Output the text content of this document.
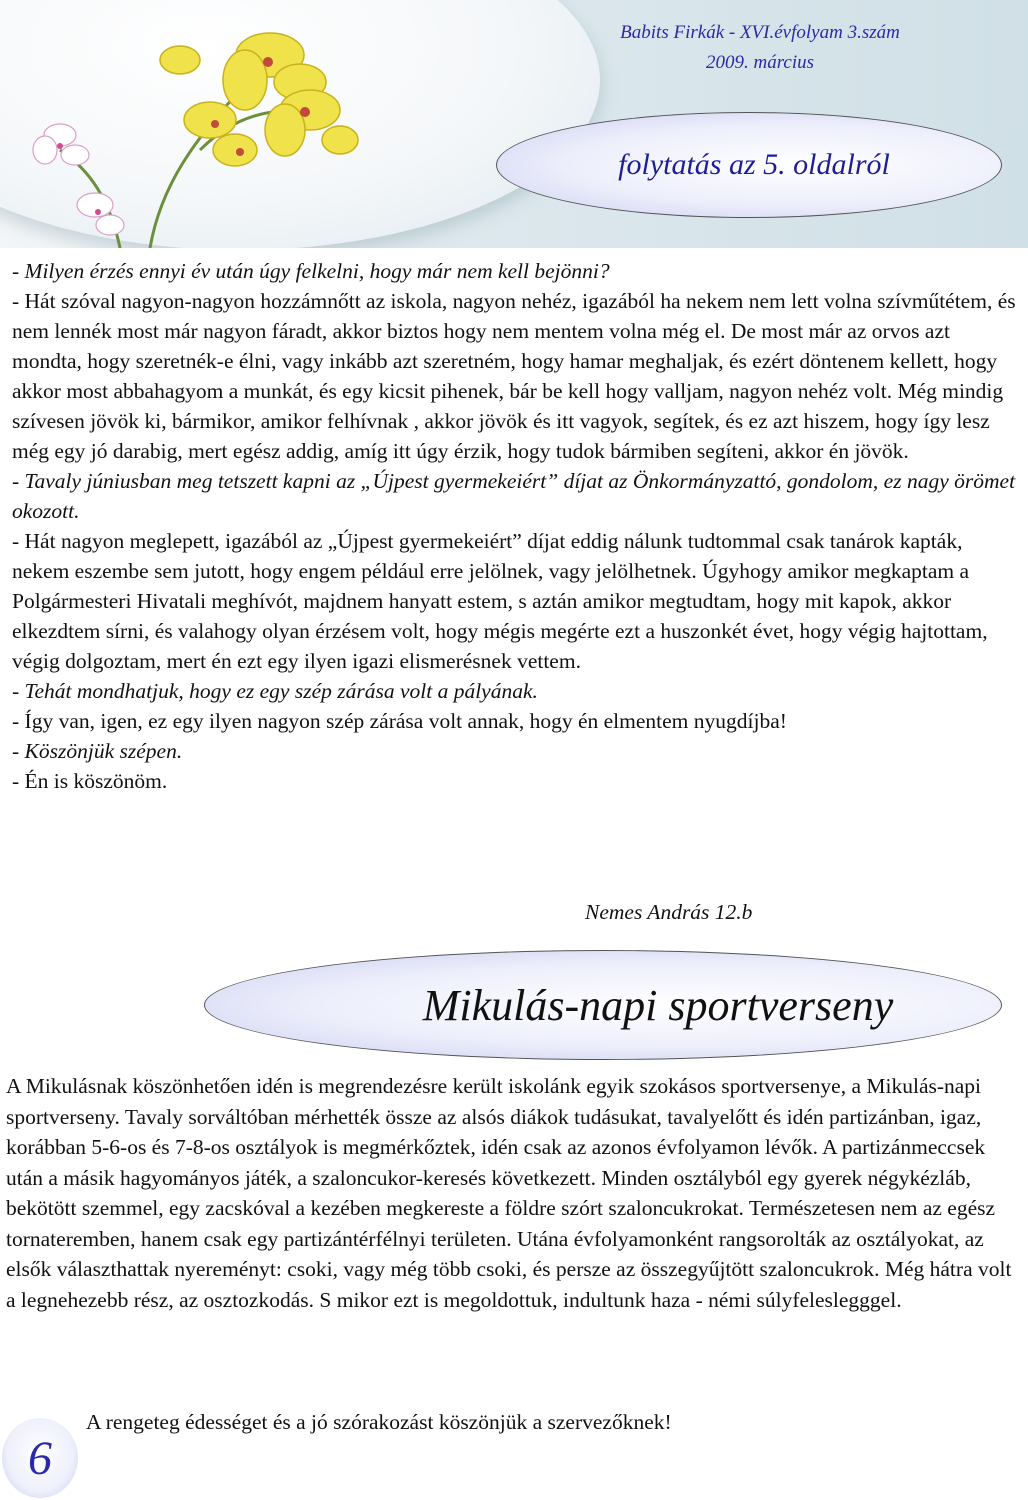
Babits Firkák - XVI.évfolyam 3.szám
2009. március
folytatás az 5. oldalról

- Milyen érzés ennyi év után úgy felkelni, hogy már nem kell bejönni?

- Hát szóval nagyon-nagyon hozzámnőtt az iskola, nagyon nehéz, igazából ha nekem nem lett volna szívműtétem, és nem lennék most már nagyon fáradt, akkor biztos hogy nem mentem volna még el. De most már az orvos azt mondta, hogy szeretnék-e élni, vagy inkább azt szeretném, hogy hamar meghaljak, és ezért döntenem kellett, hogy akkor most abbahagyom a munkát, és egy kicsit pihenek, bár be kell hogy valljam, nagyon nehéz volt. Még mindig szívesen jövök ki, bármikor, amikor felhívnak , akkor jövök és itt vagyok, segítek, és ez azt hiszem, hogy így lesz még egy jó darabig, mert egész addig, amíg itt úgy érzik, hogy tudok bármiben segíteni, akkor én jövök.

- Tavaly júniusban meg tetszett kapni az „Újpest gyermekeiért” díjat az Önkormányzattó, gondolom, ez nagy örömet okozott.

- Hát nagyon meglepett, igazából az „Újpest gyermekeiért” díjat eddig nálunk tudtommal csak tanárok kapták, nekem eszembe sem jutott, hogy engem például erre jelölnek, vagy jelölhetnek. Úgyhogy amikor megkaptam a Polgármesteri Hivatali meghívót, majdnem hanyatt estem, s aztán amikor megtudtam, hogy mit kapok, akkor elkezdtem sírni, és valahogy olyan érzésem volt, hogy mégis megérte ezt a huszonkét évet, hogy végig hajtottam, végig dolgoztam, mert én ezt egy ilyen igazi elismerésnek vettem.

- Tehát mondhatjuk, hogy ez egy szép zárása volt a pályának.

- Így van, igen, ez egy ilyen nagyon szép zárása volt annak, hogy én elmentem nyugdíjba!

- Köszönjük szépen.

- Én is köszönöm.

Nemes András 12.b
Mikulás-napi sportverseny

A Mikulásnak köszönhetően idén is megrendezésre került iskolánk egyik szokásos sportversenye, a Mikulás-napi sportverseny. Tavaly sorváltóban mérhették össze az alsós diákok tudásukat, tavalyelőtt és idén partizánban, igaz, korábban 5-6-os és 7-8-os osztályok is megmérkőztek, idén csak az azonos évfolyamon lévők. A partizánmeccsek után a másik hagyományos játék, a szaloncukor-keresés következett. Minden osztályból egy gyerek négykézláb, bekötött szemmel, egy zacskóval a kezében megkereste a földre szórt szaloncukrokat. Természetesen nem az egész tornateremben, hanem csak egy partizántérfélnyi területen. Utána évfolyamonként rangsorolták az osztályokat, az elsők választhattak nyereményt: csoki, vagy még több csoki, és persze az összegyűjtött szaloncukrok. Még hátra volt a legnehezebb rész, az osztozkodás. S mikor ezt is megoldottuk, indultunk haza - némi súlyfeleslegggel.

A rengeteg édességet és a jó szórakozást köszönjük a szervezőknek!
6
